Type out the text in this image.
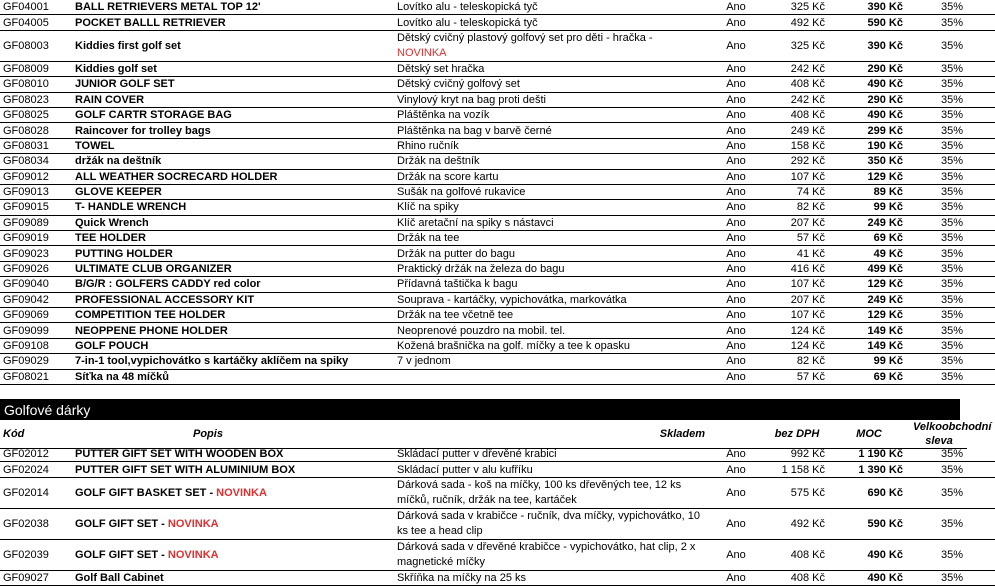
GF04001	BALL RETRIEVERS METAL TOP 12'	Lovítko alu - teleskopická tyč	Ano	325 Kč	390 Kč	35%
GF04005	POCKET BALLL RETRIEVER	Lovítko alu - teleskopická tyč	Ano	492 Kč	590 Kč	35%
GF08003	Kiddies first golf set	Dětský cvičný plastový golfový set pro děti - hračka -
NOVINKA	Ano	325 Kč	390 Kč	35%
GF08009	Kiddies golf set	Dětský set hračka	Ano	242 Kč	290 Kč	35%
GF08010	JUNIOR GOLF SET	Dětský cvičný golfový set	Ano	408 Kč	490 Kč	35%
GF08023	RAIN COVER	Vinylový kryt na bag proti dešti	Ano	242 Kč	290 Kč	35%
GF08025	GOLF CARTR STORAGE BAG	Pláštěnka na vozík	Ano	408 Kč	490 Kč	35%
GF08028	Raincover for trolley bags	Pláštěnka na bag v barvě černé	Ano	249 Kč	299 Kč	35%
GF08031	TOWEL	Rhino ručník	Ano	158 Kč	190 Kč	35%
GF08034	držák na deštník	Držák na deštník	Ano	292 Kč	350 Kč	35%
GF09012	ALL WEATHER SOCRECARD HOLDER	Držák na score kartu	Ano	107 Kč	129 Kč	35%
GF09013	GLOVE KEEPER	Sušák na golfové rukavice	Ano	74 Kč	89 Kč	35%
GF09015	T- HANDLE WRENCH	Klíč na spiky	Ano	82 Kč	99 Kč	35%
GF09089	Quick Wrench	Klíč aretační na spiky s nástavci	Ano	207 Kč	249 Kč	35%
GF09019	TEE HOLDER	Držák na tee	Ano	57 Kč	69 Kč	35%
GF09023	PUTTING HOLDER	Držák na putter do bagu	Ano	41 Kč	49 Kč	35%
GF09026	ULTIMATE CLUB ORGANIZER	Praktický držák na železa do bagu	Ano	416 Kč	499 Kč	35%
GF09040	B/G/R : GOLFERS CADDY red color	Přídavná taštička k bagu	Ano	107 Kč	129 Kč	35%
GF09042	PROFESSIONAL ACCESSORY KIT	Souprava - kartáčky, vypichovátka, markovátka	Ano	207 Kč	249 Kč	35%
GF09069	COMPETITION TEE HOLDER	Držák na tee včetně tee	Ano	107 Kč	129 Kč	35%
GF09099	NEOPPENE PHONE HOLDER	Neoprenové pouzdro na mobil. tel.	Ano	124 Kč	149 Kč	35%
GF09108	GOLF POUCH	Kožená brašnička na golf. míčky a tee k opasku	Ano	124 Kč	149 Kč	35%
GF09029	7-in-1 tool,vypichovátko s kartáčky aklíčem na spiky	7 v jednom	Ano	82 Kč	99 Kč	35%
GF08021	Síťka na 48 míčků		Ano	57 Kč	69 Kč	35%
Golfové dárky
Kód	Popis	Skladem		bez DPH	MOC	Velkoobchodní sleva
GF02012	PUTTER GIFT SET WITH WOODEN BOX	Skládací putter v dřevěné krabici	Ano	992 Kč	1 190 Kč	35%
GF02024	PUTTER GIFT SET WITH ALUMINIUM BOX	Skládací putter v alu kufříku	Ano	1 158 Kč	1 390 Kč	35%
GF02014	GOLF GIFT BASKET SET - NOVINKA	Dárková sada - koš na míčky, 100 ks dřevěných tee, 12 ks míčků, ručník, držák na tee, kartáček	Ano	575 Kč	690 Kč	35%
GF02038	GOLF GIFT SET - NOVINKA	Dárková sada v krabičce - ručník, dva míčky, vypichovátko, 10 ks tee a head clip	Ano	492 Kč	590 Kč	35%
GF02039	GOLF GIFT SET - NOVINKA	Dárková sada v dřevěné krabičce - vypichovátko, hat clip, 2 x magnetické míčky	Ano	408 Kč	490 Kč	35%
GF09027	Golf Ball Cabinet	Skříňka na míčky na 25 ks	Ano	408 Kč	490 Kč	35%
